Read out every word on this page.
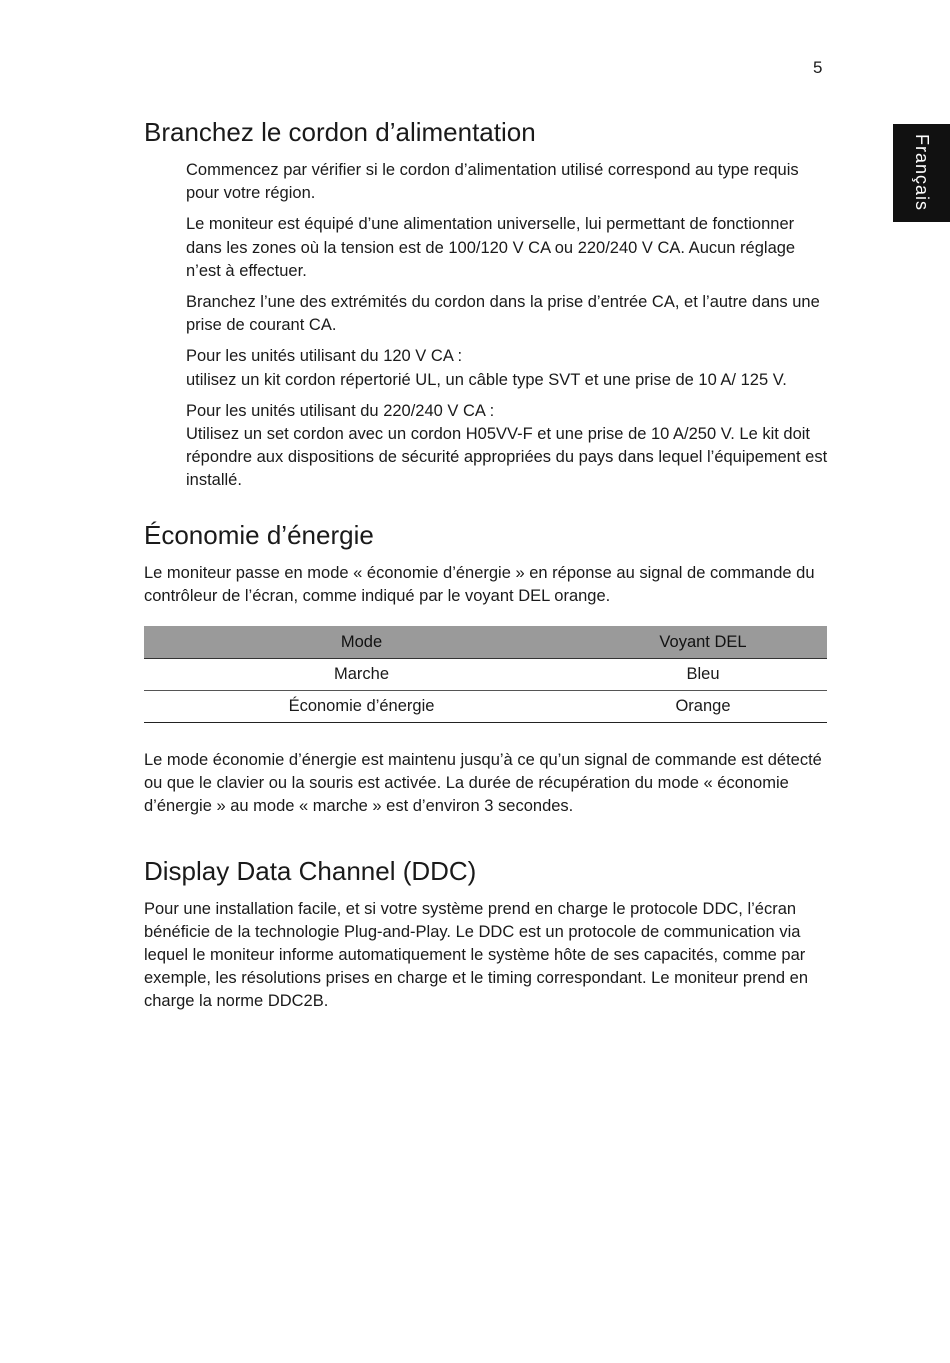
5
Français
Branchez le cordon d’alimentation

Commencez par vérifier si le cordon d’alimentation utilisé correspond au type requis pour votre région.

Le moniteur est équipé d’une alimentation universelle, lui permettant de fonctionner dans les zones où la tension est de 100/120 V CA ou 220/240 V CA. Aucun réglage n’est à effectuer.

Branchez l’une des extrémités du cordon dans la prise d’entrée CA, et l’autre dans une prise de courant CA.

Pour les unités utilisant du 120 V CA :
utilisez un kit cordon répertorié UL, un câble type SVT et une prise de 10 A/ 125 V.

Pour les unités utilisant du 220/240 V CA :
Utilisez un set cordon avec un cordon H05VV-F et une prise de 10 A/250 V. Le kit doit répondre aux dispositions de sécurité appropriées du pays dans lequel l’équipement est installé.

Économie d’énergie

Le moniteur passe en mode « économie d’énergie » en réponse au signal de commande du contrôleur de l’écran, comme indiqué par le voyant DEL orange.

Mode	Voyant DEL
Marche	Bleu
Économie d’énergie	Orange

Le mode économie d’énergie est maintenu jusqu’à ce qu’un signal de commande est détecté ou que le clavier ou la souris est activée. La durée de récupération du mode « économie d’énergie » au mode « marche » est d’environ 3 secondes.

Display Data Channel (DDC)

Pour une installation facile, et si votre système prend en charge le protocole DDC, l’écran bénéficie de la technologie Plug-and-Play. Le DDC est un protocole de communication via lequel le moniteur informe automatiquement le système hôte de ses capacités, comme par exemple, les résolutions prises en charge et le timing correspondant. Le moniteur prend en charge la norme DDC2B.
